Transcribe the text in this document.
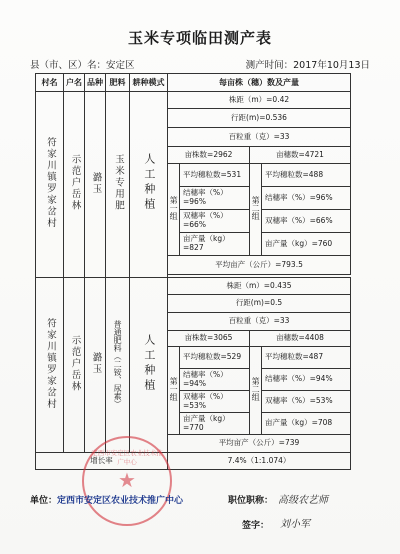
玉米专项临田测产表
县（市、区）名：安定区	测产时间：2017年10月13日
村名	户名	品种	肥料	耕种模式	每亩株（穗）数及产量			
符家川镇罗家岔村	示范户岳林	潞玉	玉米专用肥	人工种植	株距（m）=0.42			
					行距(m)=0.536			
					百粒重（克）=33			
					亩株数=2962		亩穗数=4721	
					第一组	平均穗粒数=531	第二组	平均穗粒数=488
						结穗率（%）=96%		结穗率（%）=96%
						双穗率（%）=66%		双穗率（%）=66%
						亩产量（kg）=827		亩产量（kg）=760
					平均亩产（公斤）=793.5			

符家川镇罗家岔村	示范户岳林	潞玉	普通肥料（二铵、尿素）	人工种植	株距（m）=0.435			
					行距(m)=0.5			
					百粒重（克）=33			
					亩株数=3065		亩穗数=4408	
					第一组	平均穗粒数=529	第二组	平均穗粒数=487
						结穗率（%）=94%		结穗率（%）=94%
						双穗率（%）=53%		双穗率（%）=53%
						亩产量（kg）=770		亩产量（kg）=708
					平均亩产（公斤）=739			
增长率					7.4%（1:1.074）			
定西市安定区农业技术推广中心
★
单位：定西市安定区农业技术推广中心	职位职称： 高级农艺师
签字： 刘小军
